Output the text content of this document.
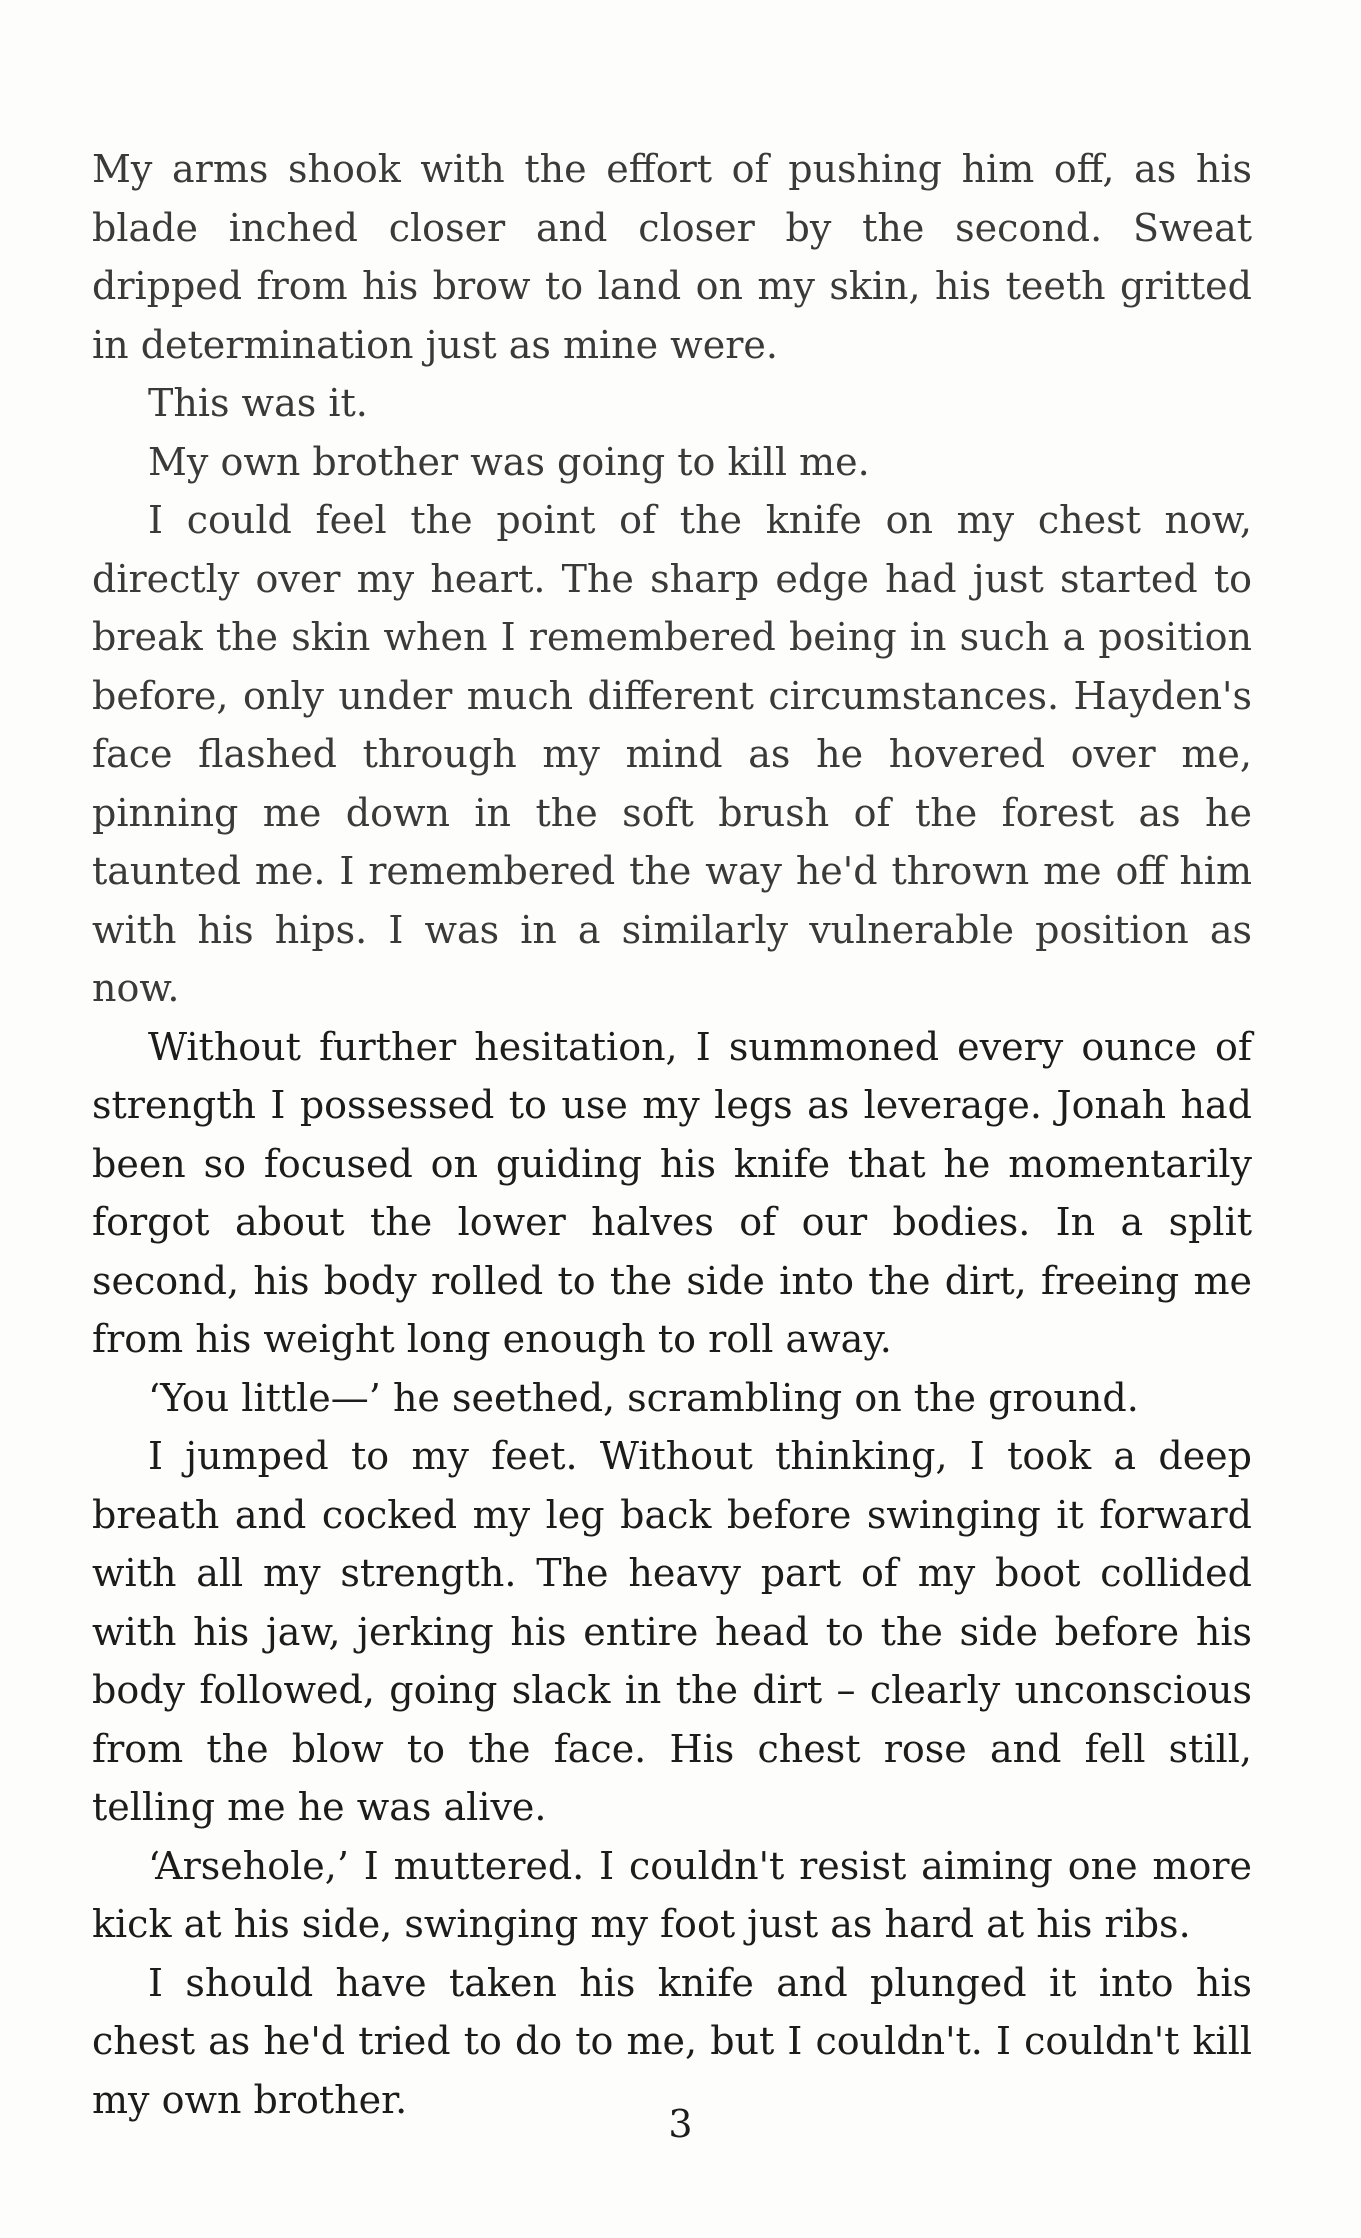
My arms shook with the effort of pushing him off, as his blade inched closer and closer by the second. Sweat dripped from his brow to land on my skin, his teeth gritted in determination just as mine were.

This was it.

My own brother was going to kill me.

I could feel the point of the knife on my chest now, directly over my heart. The sharp edge had just started to break the skin when I remembered being in such a position before, only under much different circumstances. Hayden's face flashed through my mind as he hovered over me, pinning me down in the soft brush of the forest as he taunted me. I remembered the way he'd thrown me off him with his hips. I was in a similarly vulnerable position as now.

Without further hesitation, I summoned every ounce of strength I possessed to use my legs as leverage. Jonah had been so focused on guiding his knife that he momentarily forgot about the lower halves of our bodies. In a split second, his body rolled to the side into the dirt, freeing me from his weight long enough to roll away.

‘You little—’ he seethed, scrambling on the ground.

I jumped to my feet. Without thinking, I took a deep breath and cocked my leg back before swinging it forward with all my strength. The heavy part of my boot collided with his jaw, jerking his entire head to the side before his body followed, going slack in the dirt – clearly unconscious from the blow to the face. His chest rose and fell still, telling me he was alive.

‘Arsehole,’ I muttered. I couldn't resist aiming one more kick at his side, swinging my foot just as hard at his ribs.

I should have taken his knife and plunged it into his chest as he'd tried to do to me, but I couldn't. I couldn't kill my own brother.

3
